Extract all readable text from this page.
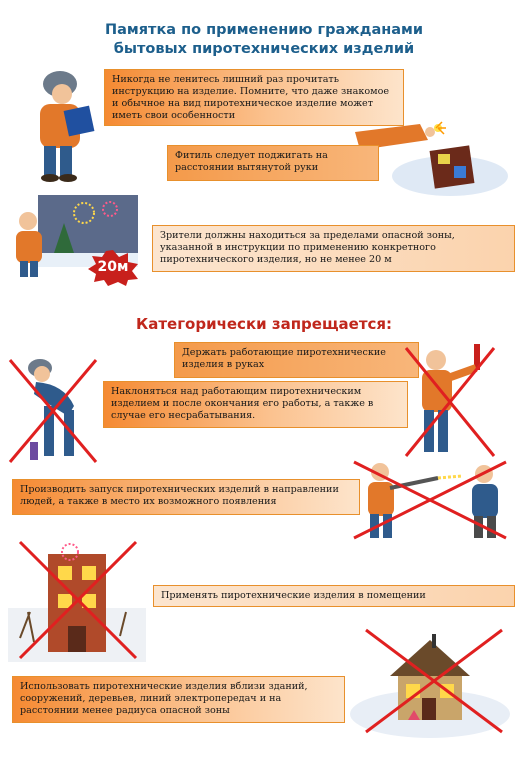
Памятка по применению гражданами
бытовых пиротехнических изделий
Никогда не ленитесь лишний раз прочитать инструкцию на изделие. Помните, что даже знакомое и обычное на вид пиротехническое изделие может иметь свои особенности
Фитиль следует поджигать на расстоянии вытянутой руки
20м
Зрители должны находиться за пределами опасной зоны, указанной в инструкции по применению конкретного пиротехнического изделия, но не менее 20 м
Категорически запрещается:
Держать работающие пиротехнические изделия в руках
Наклоняться над работающим пиротехническим изделием и после окончания его работы, а также в случае его несрабатывания.
Производить запуск пиротехнических изделий в направлении людей, а также в место их возможного появления
Применять пиротехнические изделия в помещении
Использовать пиротехнические изделия вблизи зданий, сооружений, деревьев, линий электропередач и на расстоянии менее радиуса опасной зоны
